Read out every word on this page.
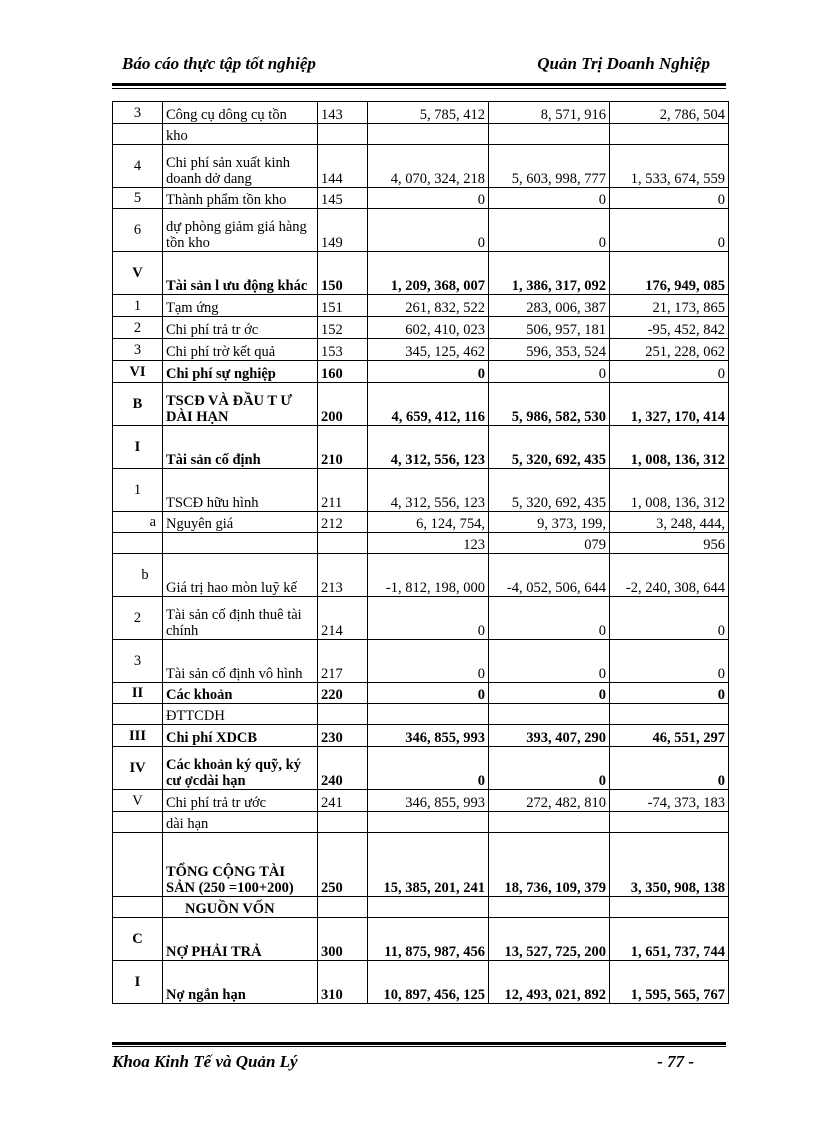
Báo cáo thực tập tốt nghiệp	Quản Trị Doanh Nghiệp
3	Công cụ dông cụ tồn	143	5, 785, 412	8, 571, 916	2, 786, 504
	kho				
4	Chi phí sản xuất kinh doanh dở dang	144	4, 070, 324, 218	5, 603, 998, 777	1, 533, 674, 559
5	Thành phẩm tồn kho	145	0	0	0
6	dự phòng giảm giá hàng tồn kho	149	0	0	0
V	Tài sản l ưu động khác	150	1, 209, 368, 007	1, 386, 317, 092	176, 949, 085
1	Tạm ứng	151	261, 832, 522	283, 006, 387	21, 173, 865
2	Chi phí trả tr ớc	152	602, 410, 023	506, 957, 181	-95, 452, 842
3	Chi phí trờ kết quả	153	345, 125, 462	596, 353, 524	251, 228, 062
VI	Chi phí sự nghiệp	160	0	0	0
B	TSCĐ VÀ ĐẦU T Ư DÀI HẠN	200	4, 659, 412, 116	5, 986, 582, 530	1, 327, 170, 414
I	Tài sản cố định	210	4, 312, 556, 123	5, 320, 692, 435	1, 008, 136, 312
1	TSCĐ hữu hình	211	4, 312, 556, 123	5, 320, 692, 435	1, 008, 136, 312
a	Nguyên giá	212	6, 124, 754,	9, 373, 199,	3, 248, 444,
			123	079	956
b	Giá trị hao mòn luỹ kế	213	-1, 812, 198, 000	-4, 052, 506, 644	-2, 240, 308, 644
2	Tài sản cố định thuê tài chính	214	0	0	0
3	Tài sản cố định vô hình	217	0	0	0
II	Các khoản	220	0	0	0
	ĐTTCDH				
III	Chi phí XDCB	230	346, 855, 993	393, 407, 290	46, 551, 297
IV	Các khoản ký quỹ, ký cư ợcdài hạn	240	0	0	0
V	Chi phí trả tr ước	241	346, 855, 993	272, 482, 810	-74, 373, 183
	dài hạn				
	TỔNG CỘNG TÀI SẢN (250 =100+200)	250	15, 385, 201, 241	18, 736, 109, 379	3, 350, 908, 138
	NGUỒN VỐN				
C	NỢ PHẢI TRẢ	300	11, 875, 987, 456	13, 527, 725, 200	1, 651, 737, 744
I	Nợ ngắn hạn	310	10, 897, 456, 125	12, 493, 021, 892	1, 595, 565, 767
Khoa Kinh Tế và Quản Lý	- 77 -
